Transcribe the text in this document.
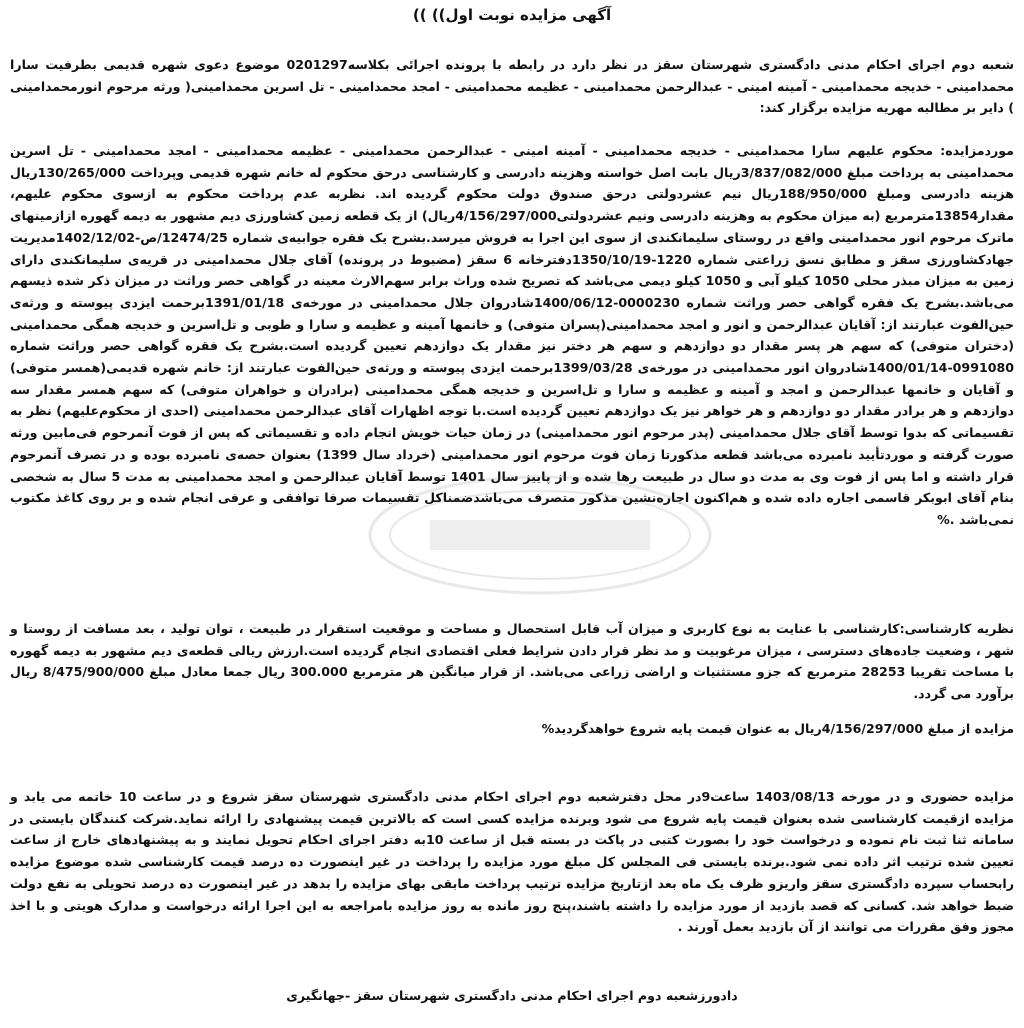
آگهی مزایده نوبت اول)) ))
شعبه دوم اجرای احکام مدنی دادگستری شهرستان سقز در نظر دارد در رابطه با پرونده اجرائی بکلاسه0201297 موضوع دعوی شهره قدیمی بطرفیت سارا محمدامینی - خدیجه محمدامینی - آمینه امینی - عبدالرحمن محمدامینی - عظیمه محمدامینی - امجد محمدامینی - تل اسرین محمدامینی( ورثه مرحوم انورمحمدامینی ) دایر بر مطالبه مهریه مزایده برگزار کند:
موردمزایده: محکوم علیهم سارا محمدامینی - خدیجه محمدامینی - آمینه امینی - عبدالرحمن محمدامینی - عظیمه محمدامینی - امجد محمدامینی - تل اسرین محمدامینی به پرداخت مبلغ 3/837/082/000ریال بابت اصل خواسته وهزینه دادرسی و کارشناسی درحق محکوم له خانم شهره قدیمی وپرداخت 130/265/000ریال هزینه دادرسی ومبلغ 188/950/000ریال نیم عشردولتی درحق صندوق دولت محکوم گردیده اند. نظربه عدم پرداخت محکوم به ازسوی محکوم علیهم، مقدار13854مترمربع (به میزان محکوم به وهزینه دادرسی ونیم عشردولتی4/156/297/000ریال) از یک قطعه زمین کشاورزی دیم مشهور به دیمه گهوره ازازمینهای ماترک مرحوم انور محمدامینی واقع در روستای سلیمانکندی از سوی این اجرا به فروش میرسد.بشرح یک فقره جوابیه‌ی شماره 12474/25/ص-1402/12/02مدیریت جهادکشاورزی سقز و مطابق نسق زراعتی شماره 1220-1350/10/19دفترخانه 6 سقز (مضبوط در پرونده) آقای جلال محمدامینی در قریه‌ی سلیمانکندی دارای زمین به میزان مبذر محلی 1050 کیلو آبی و 1050 کیلو دیمی می‌باشد که تصریح شده وراث برابر سهم‌الارث معینه در گواهی حصر وراثت در میزان ذکر شده ذیسهم می‌باشد.بشرح یک فقره گواهی حصر وراثت شماره 0000230-1400/06/12شادروان جلال محمدامینی در مورخه‌ی 1391/01/18برحمت ایزدی پیوسته و ورثه‌ی حین‌الفوت عبارتند از: آقایان عبدالرحمن و انور و امجد محمدامینی(پسران متوفی) و خانمها آمینه و عظیمه و سارا و طوبی و تل‌اسرین و خدیجه همگی محمدامینی (دختران متوفی) که سهم هر پسر مقدار دو دوازدهم و سهم هر دختر نیز مقدار یک دوازدهم تعیین گردیده است.بشرح یک فقره گواهی حصر وراثت شماره 0991080-1400/01/14شادروان انور محمدامینی در مورخه‌ی 1399/03/28برحمت ایزدی پیوسته و ورثه‌ی حین‌الفوت عبارتند از: خانم شهره قدیمی(همسر متوفی) و آقایان و خانمها عبدالرحمن و امجد و آمینه و عظیمه و سارا و تل‌اسرین و خدیجه همگی محمدامینی (برادران و خواهران متوفی) که سهم همسر مقدار سه دوازدهم و هر برادر مقدار دو دوازدهم و هر خواهر نیز یک دوازدهم تعیین گردیده است.با توجه اظهارات آقای عبدالرحمن محمدامینی (احدی از محکوم‌علیهم) نظر به تقسیماتی که بدوا توسط آقای جلال محمدامینی (پدر مرحوم انور محمدامینی) در زمان حیات خویش انجام داده و تقسیماتی که پس از فوت آنمرحوم فی‌مابین ورثه صورت گرفته و موردتأیید نامبرده می‌باشد قطعه مذکورتا زمان فوت مرحوم انور محمدامینی (خرداد سال 1399) بعنوان حصه‌ی نامبرده بوده و در تصرف آنمرحوم قرار داشته و اما پس از فوت وی به مدت دو سال در طبیعت رها شده و از پاییز سال 1401 توسط آقایان عبدالرحمن و امجد محمدامینی به مدت 5 سال به شخصی بنام آقای ابوبکر قاسمی اجاره داده شده و هم‌اکنون اجاره‌نشین مذکور متصرف می‌باشدضمناکل تقسیمات صرفا توافقی و عرفی انجام شده و بر روی کاغذ مکتوب نمی‌باشد .%
نظریه کارشناسی:کارشناسی با عنایت به نوع کاربری و میزان آب قابل استحصال و مساحت و موقعیت استقرار در طبیعت ، توان تولید ، بعد مسافت از روستا و شهر ، وضعیت جاده‌های دسترسی ، میزان مرغوبیت و مد نظر قرار دادن شرایط فعلی اقتصادی انجام گردیده است.ارزش ریالی قطعه‌ی دیم مشهور به دیمه گهوره با مساحت تقریبا 28253 مترمربع که جزو مستثنیات و اراضی زراعی می‌باشد. از قرار میانگین هر مترمربع 300.000 ریال جمعا معادل مبلغ 8/475/900/000 ریال برآورد می گردد.
مزایده از مبلغ 4/156/297/000ریال به عنوان قیمت پایه شروع خواهدگردید%
مزایده حضوری و در مورخه 1403/08/13 ساعت9در محل دفترشعبه دوم اجرای احکام مدنی دادگستری شهرستان سقز شروع و در ساعت 10 خاتمه می یابد و مزایده ازقیمت کارشناسی شده بعنوان قیمت پایه شروع می شود وبرنده مزایده کسی است که بالاترین قیمت پیشنهادی را ارائه نماید.شرکت کنندگان بایستی در سامانه ثنا ثبت نام نموده و درخواست خود را بصورت کتبی در پاکت در بسته قبل از ساعت 10به دفتر اجرای احکام تحویل نمایند و به پیشنهادهای خارج از ساعت تعیین شده ترتیب اثر داده نمی شود.برنده بایستی فی المجلس کل مبلغ مورد مزایده را پرداخت در غیر اینصورت ده درصد قیمت کارشناسی شده موضوع مزایده رابحساب سپرده دادگستری سقز واریزو ظرف یک ماه بعد ازتاریخ مزایده ترتیب پرداخت مابقی بهای مزایده را بدهد در غیر اینصورت ده درصد تحویلی به نفع دولت ضبط خواهد شد. کسانی که قصد بازدید از مورد مزایده را داشته باشند،پنج روز مانده به روز مزایده بامراجعه به این اجرا ارائه درخواست و مدارک هویتی و با اخذ مجوز وفق مقررات می توانند از آن بازدید بعمل آورند .
دادورزشعبه دوم اجرای احکام مدنی دادگستری شهرستان سقز -جهانگیری
